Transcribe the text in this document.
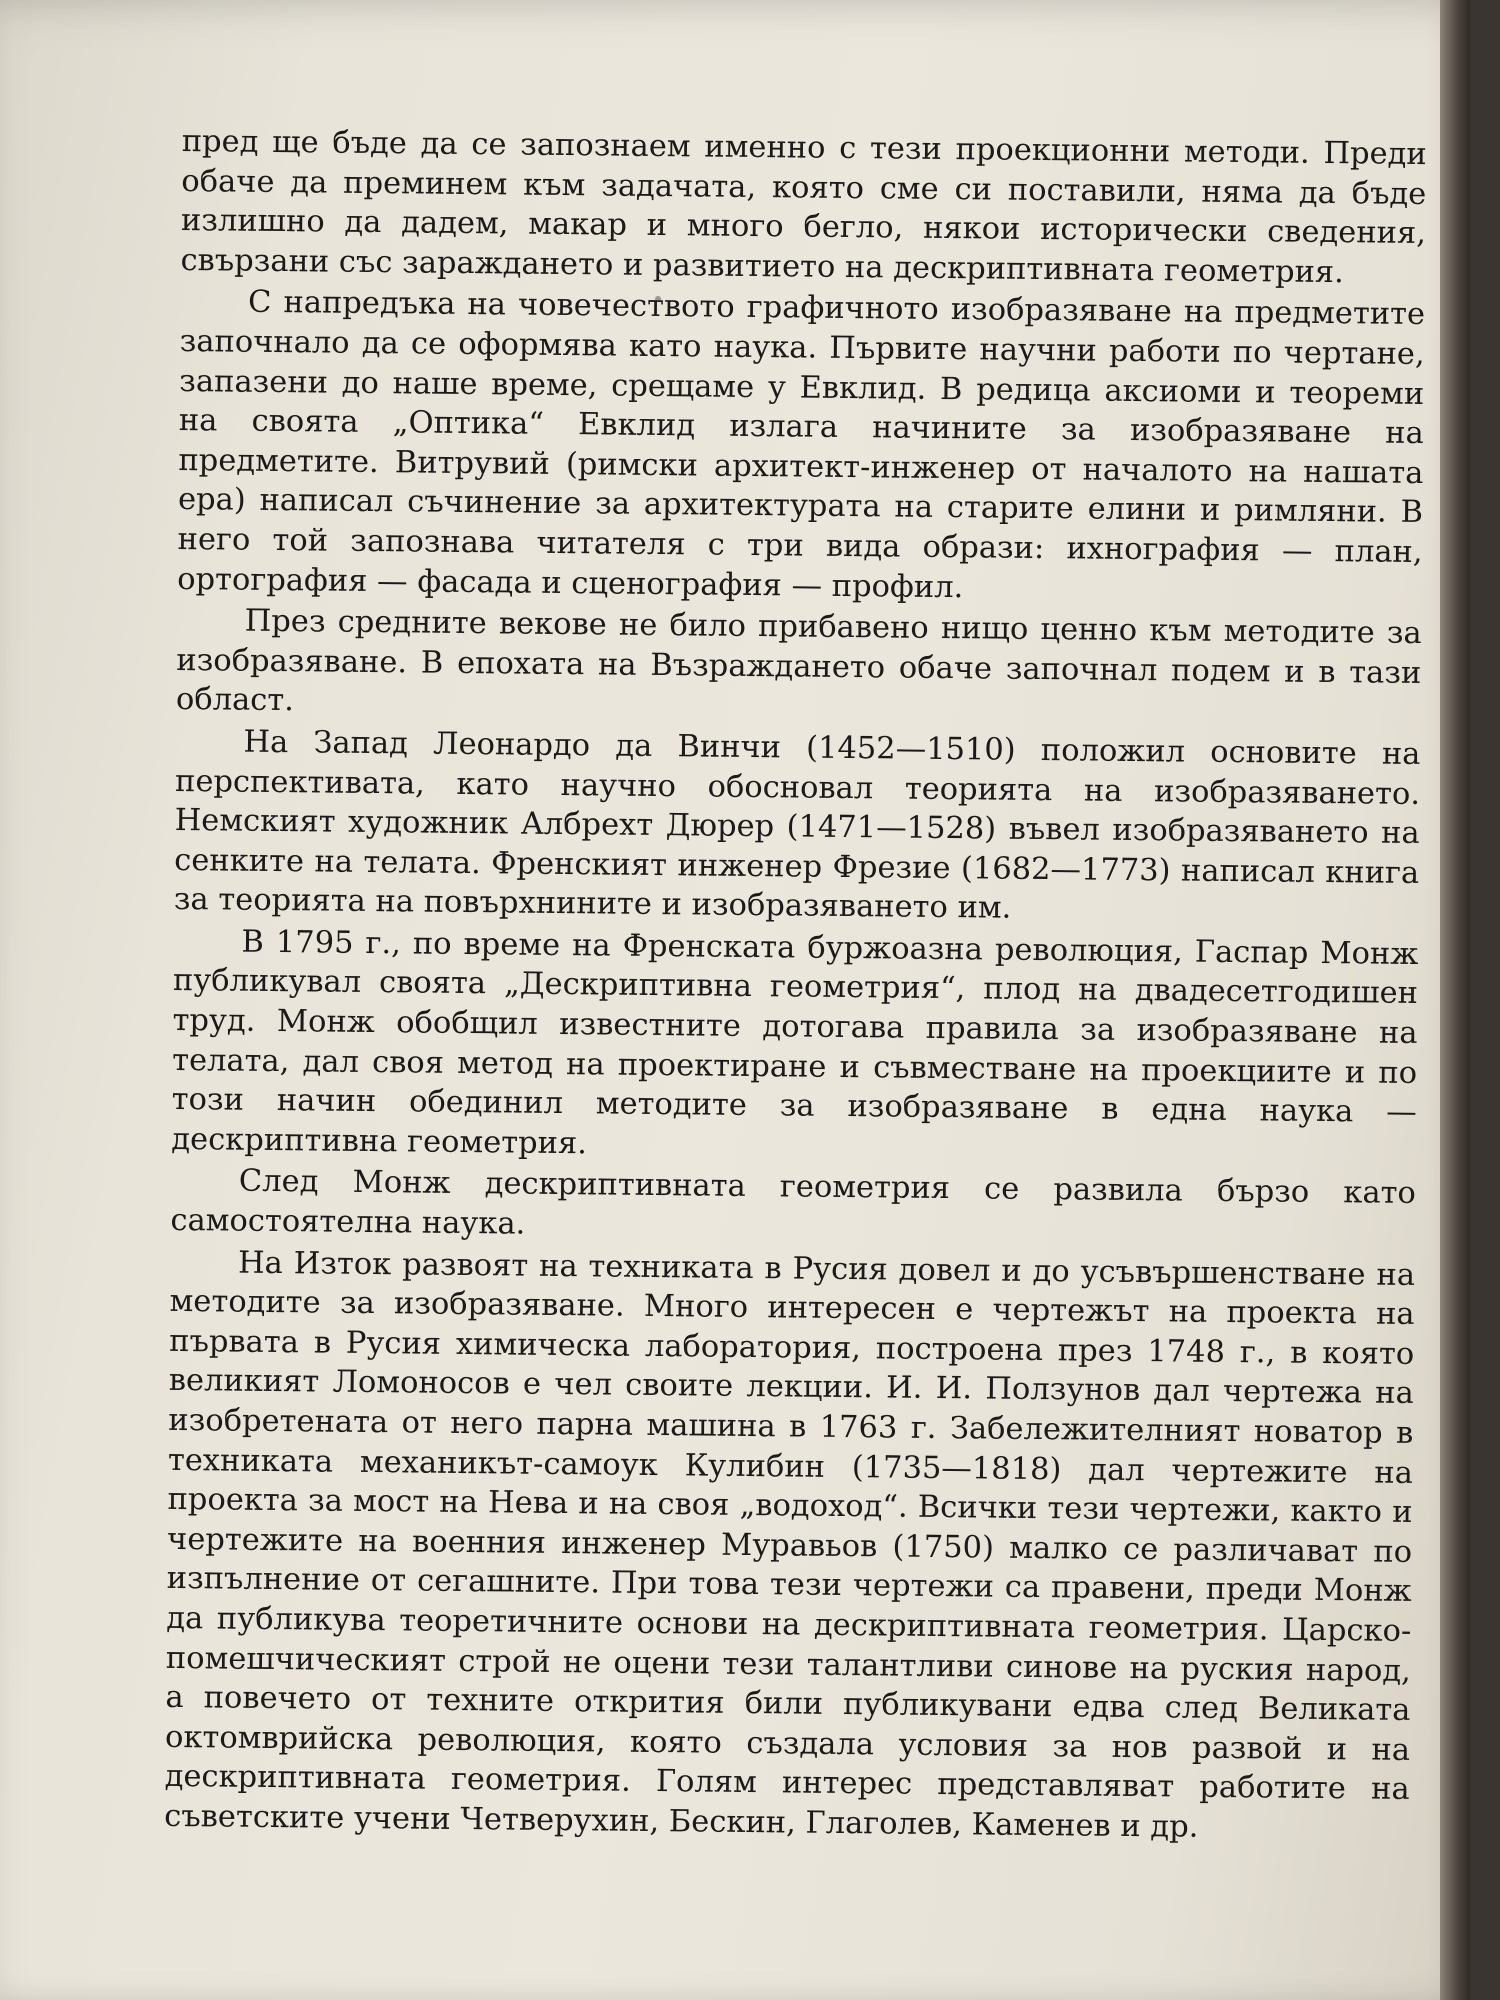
пред ще бъде да се запознаем именно с тези проекционни методи. Преди обаче да преминем към задачата, която сме си поставили, няма да бъде излишно да дадем, макар и много бегло, някои исторически сведения, свързани със зараждането и развитието на дескриптивната геометрия.

С напредъка на човечеството графичното изобразяване на предметите започнало да се оформява като наука. Първите научни работи по чертане, запазени до наше време, срещаме у Евклид. В редица аксиоми и теореми на своята „Оптика“ Евклид излага начините за изобразяване на предметите. Витрувий (римски архитект-инженер от началото на нашата ера) написал съчинение за архитектурата на старите елини и римляни. В него той запознава читателя с три вида образи: ихнография — план, ортография — фасада и сценография — профил.

През средните векове не било прибавено нищо ценно към методите за изобразяване. В епохата на Възраждането обаче започнал подем и в тази област.

На Запад Леонардо да Винчи (1452—1510) положил основите на перспективата, като научно обосновал теорията на изобразяването. Немският художник Албрехт Дюрер (1471—1528) въвел изобразяването на сенките на телата. Френският инженер Фрезие (1682—1773) написал книга за теорията на повърхнините и изобразяването им.

В 1795 г., по време на Френската буржоазна революция, Гаспар Монж публикувал своята „Дескриптивна геометрия“, плод на двадесетгодишен труд. Монж обобщил известните дотогава правила за изобразяване на телата, дал своя метод на проектиране и съвместване на проекциите и по този начин обединил методите за изобразяване в една наука — дескриптивна геометрия.

След Монж дескриптивната геометрия се развила бързо като самостоятелна наука.

На Изток развоят на техниката в Русия довел и до усъвършенстване на методите за изобразяване. Много интересен е чертежът на проекта на първата в Русия химическа лаборатория, построена през 1748 г., в която великият Ломоносов е чел своите лекции. И. И. Ползунов дал чертежа на изобретената от него парна машина в 1763 г. Забележителният новатор в техниката механикът-самоук Кулибин (1735—1818) дал чертежите на проекта за мост на Нева и на своя „водоход“. Всички тези чертежи, както и чертежите на военния инженер Муравьов (1750) малко се различават по изпълнение от сегашните. При това тези чертежи са правени, преди Монж да публикува теоретичните основи на дескриптивната геометрия. Царско-помешчическият строй не оцени тези талантливи синове на руския народ, а повечето от техните открития били публикувани едва след Великата октомврийска революция, която създала условия за нов развой и на дескриптивната геометрия. Голям интерес представляват работите на съветските учени Четверухин, Бескин, Глаголев, Каменев и др.
